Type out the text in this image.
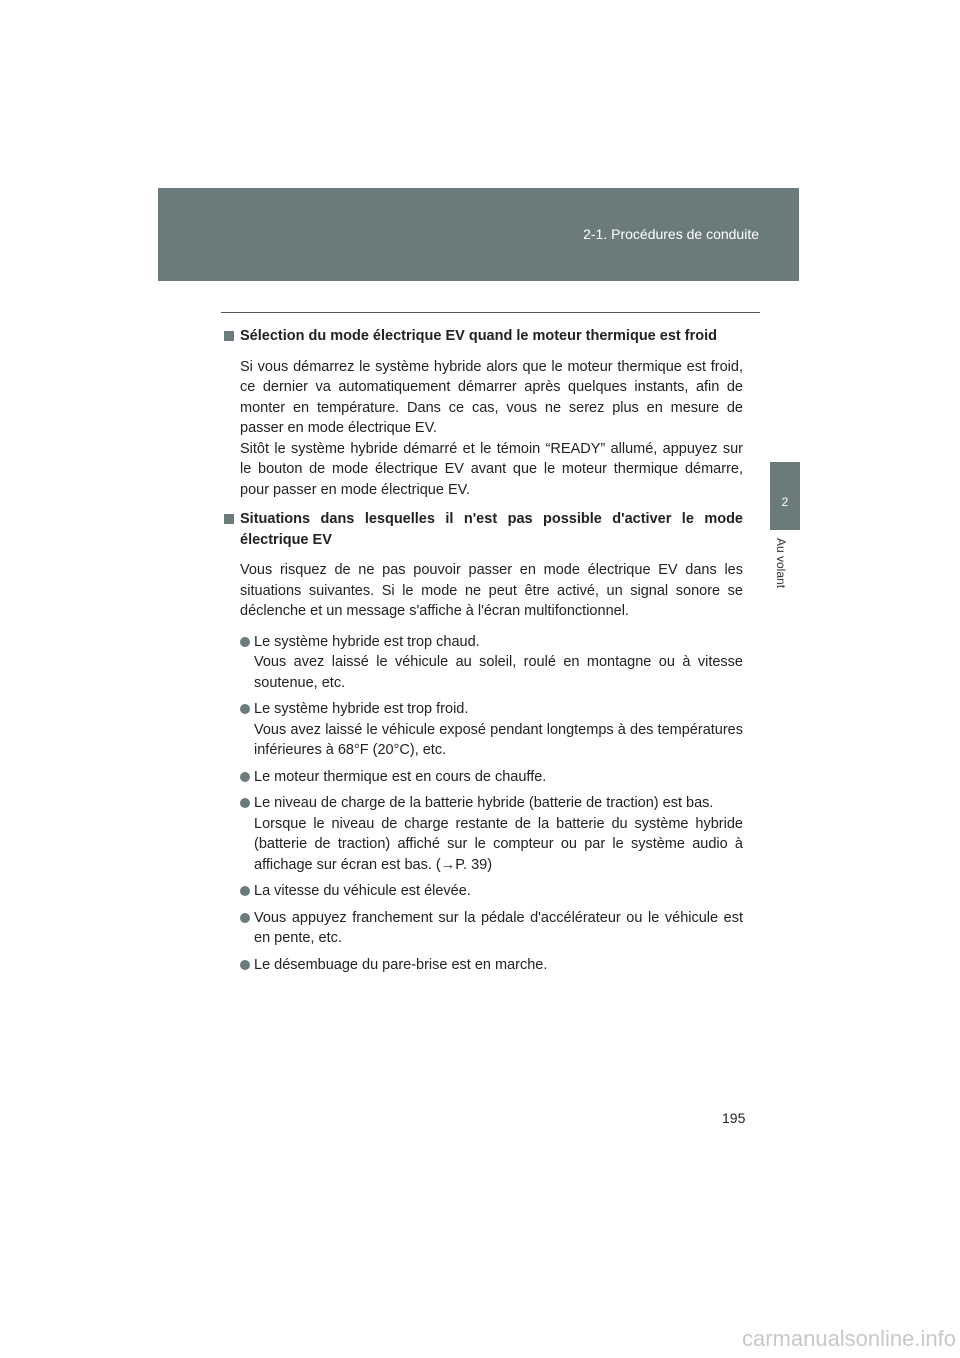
2-1. Procédures de conduite
2
Au volant

Sélection du mode électrique EV quand le moteur thermique est froid

Si vous démarrez le système hybride alors que le moteur thermique est froid, ce dernier va automatiquement démarrer après quelques instants, afin de monter en température. Dans ce cas, vous ne serez plus en mesure de passer en mode électrique EV.

Sitôt le système hybride démarré et le témoin “READY” allumé, appuyez sur le bouton de mode électrique EV avant que le moteur thermique démarre, pour passer en mode électrique EV.

Situations dans lesquelles il n'est pas possible d'activer le mode électrique EV

Vous risquez de ne pas pouvoir passer en mode électrique EV dans les situations suivantes. Si le mode ne peut être activé, un signal sonore se déclenche et un message s'affiche à l'écran multifonctionnel.

Le système hybride est trop chaud.
Vous avez laissé le véhicule au soleil, roulé en montagne ou à vitesse soutenue, etc.
Le système hybride est trop froid.
Vous avez laissé le véhicule exposé pendant longtemps à des températures inférieures à 68°F (20°C), etc.
Le moteur thermique est en cours de chauffe.
Le niveau de charge de la batterie hybride (batterie de traction) est bas.
Lorsque le niveau de charge restante de la batterie du système hybride (batterie de traction) affiché sur le compteur ou par le système audio à affichage sur écran est bas. (→P. 39)
La vitesse du véhicule est élevée.
Vous appuyez franchement sur la pédale d'accélérateur ou le véhicule est en pente, etc.
Le désembuage du pare-brise est en marche.
195
carmanualsonline.info
